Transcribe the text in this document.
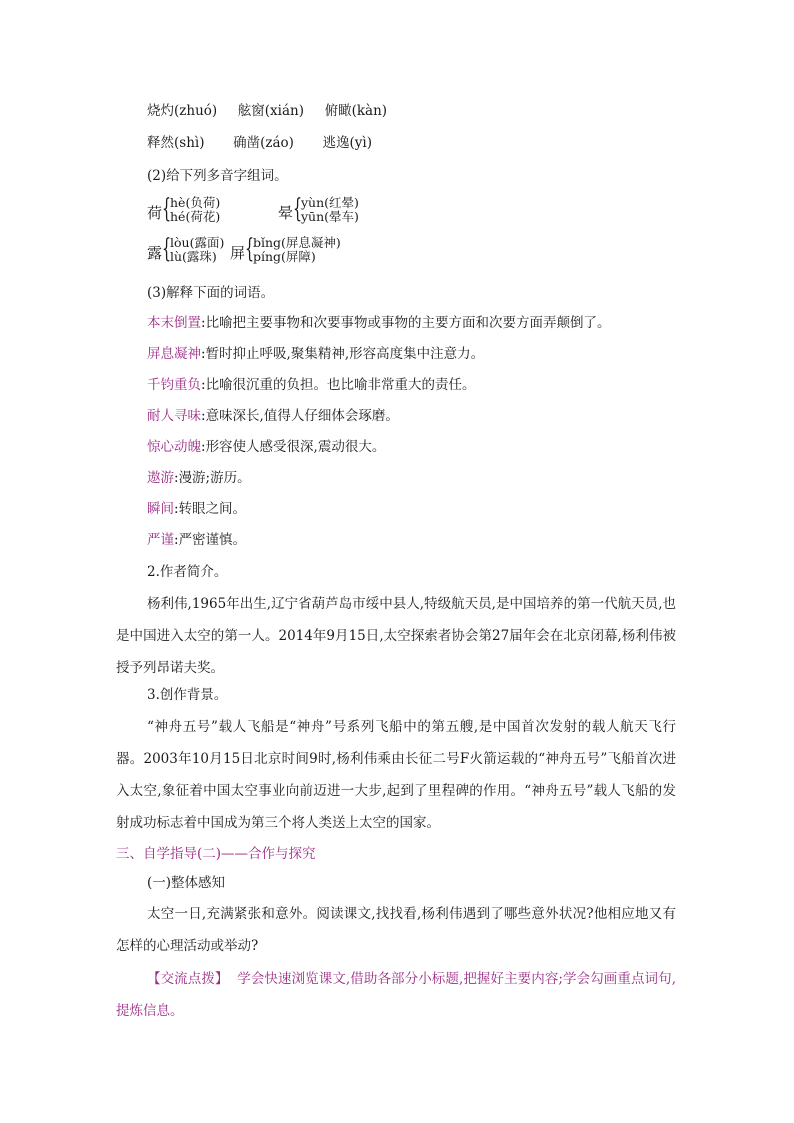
烧灼(zhuó) 舷窗(xián) 俯瞰(kàn)
释然(shì) 确凿(záo) 逃逸(yì)
(2)给下列多音字组词。
荷 {
hè(负荷)
hé(荷花)	晕 {
yùn(红晕)
yūn(晕车)
露 {
lòu(露面)
lù(露珠) 屏 {
bǐng(屏息凝神)
píng(屏障)
(3)解释下面的词语。
本末倒置:比喻把主要事物和次要事物或事物的主要方面和次要方面弄颠倒了。
屏息凝神:暂时抑止呼吸,聚集精神,形容高度集中注意力。
千钧重负:比喻很沉重的负担。也比喻非常重大的责任。
耐人寻味:意味深长,值得人仔细体会琢磨。
惊心动魄:形容使人感受很深,震动很大。
遨游:漫游;游历。
瞬间:转眼之间。
严谨:严密谨慎。
2.作者简介。
杨利伟,1965年出生,辽宁省葫芦岛市绥中县人,特级航天员,是中国培养的第一代航天员,也是中国进入太空的第一人。2014年9月15日,太空探索者协会第27届年会在北京闭幕,杨利伟被授予列昂诺夫奖。
3.创作背景。
“神舟五号”载人飞船是“神舟”号系列飞船中的第五艘,是中国首次发射的载人航天飞行器。2003年10月15日北京时间9时,杨利伟乘由长征二号F火箭运载的“神舟五号”飞船首次进入太空,象征着中国太空事业向前迈进一大步,起到了里程碑的作用。“神舟五号”载人飞船的发射成功标志着中国成为第三个将人类送上太空的国家。
三、自学指导(二)——合作与探究
(一)整体感知
太空一日,充满紧张和意外。阅读课文,找找看,杨利伟遇到了哪些意外状况?他相应地又有怎样的心理活动或举动?
【交流点拨】 学会快速浏览课文,借助各部分小标题,把握好主要内容;学会勾画重点词句,提炼信息。
